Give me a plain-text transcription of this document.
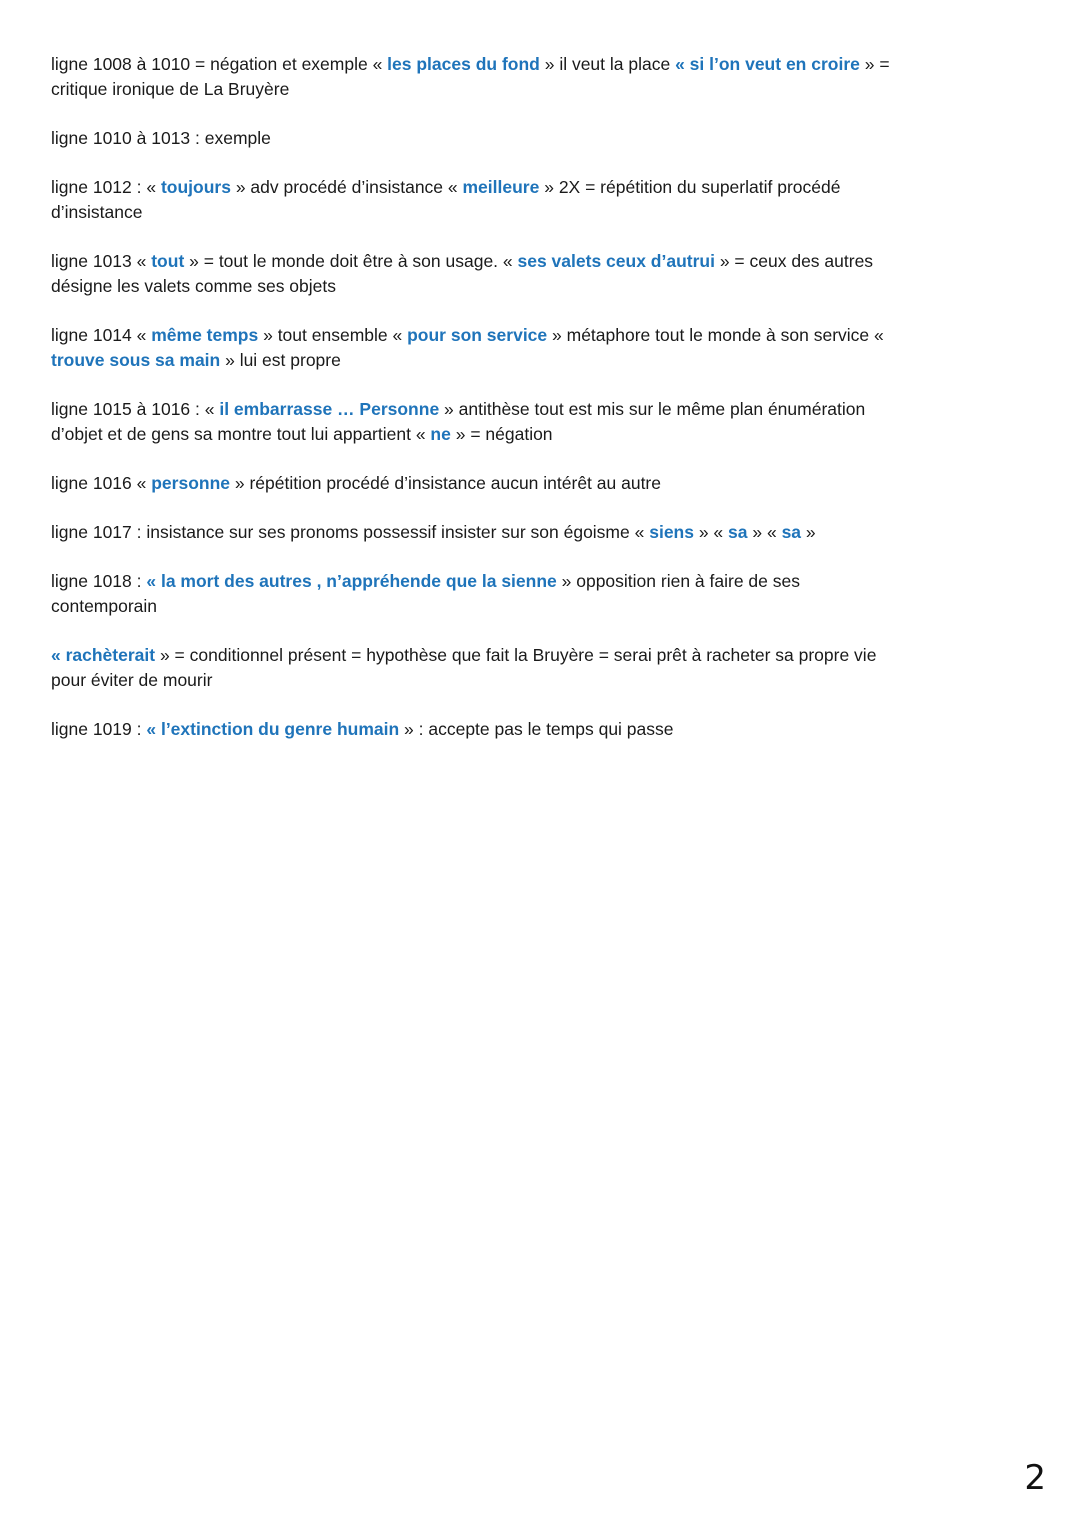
ligne 1008 à 1010 = négation et exemple « les places du fond » il veut la place « si l’on veut en croire » = critique ironique de La Bruyère

ligne 1010 à 1013 : exemple

ligne 1012 : « toujours » adv procédé d’insistance « meilleure » 2X = répétition du superlatif procédé d’insistance

ligne 1013 « tout » = tout le monde doit être à son usage. « ses valets ceux d’autrui » = ceux des autres désigne les valets comme ses objets

ligne 1014 « même temps » tout ensemble « pour son service » métaphore tout le monde à son service « trouve sous sa main » lui est propre

ligne 1015 à 1016 : « il embarrasse … Personne » antithèse tout est mis sur le même plan énumération d’objet et de gens sa montre tout lui appartient « ne » = négation

ligne 1016 « personne » répétition procédé d’insistance aucun intérêt au autre

ligne 1017 : insistance sur ses pronoms possessif insister sur son égoisme « siens » « sa » « sa »

ligne 1018 : « la mort des autres , n’appréhende que la sienne » opposition rien à faire de ses contemporain

« rachèterait » = conditionnel présent = hypothèse que fait la Bruyère = serai prêt à racheter sa propre vie pour éviter de mourir

ligne 1019 : « l’extinction du genre humain » : accepte pas le temps qui passe

2
